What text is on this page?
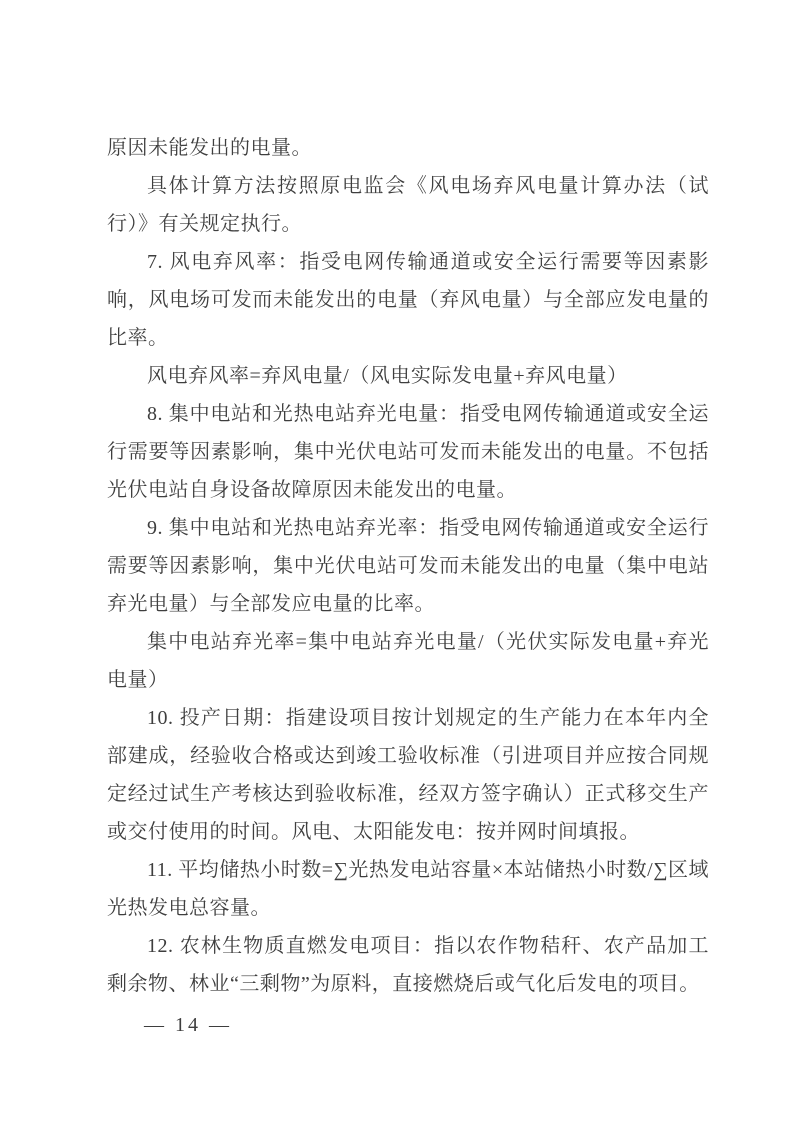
原因未能发出的电量。

具体计算方法按照原电监会《风电场弃风电量计算办法（试行）》有关规定执行。

7. 风电弃风率：指受电网传输通道或安全运行需要等因素影响，风电场可发而未能发出的电量（弃风电量）与全部应发电量的比率。

风电弃风率=弃风电量/（风电实际发电量+弃风电量）

8. 集中电站和光热电站弃光电量：指受电网传输通道或安全运行需要等因素影响，集中光伏电站可发而未能发出的电量。不包括光伏电站自身设备故障原因未能发出的电量。

9. 集中电站和光热电站弃光率：指受电网传输通道或安全运行需要等因素影响，集中光伏电站可发而未能发出的电量（集中电站弃光电量）与全部发应电量的比率。

集中电站弃光率=集中电站弃光电量/（光伏实际发电量+弃光电量）

10. 投产日期：指建设项目按计划规定的生产能力在本年内全部建成，经验收合格或达到竣工验收标准（引进项目并应按合同规定经过试生产考核达到验收标准，经双方签字确认）正式移交生产或交付使用的时间。风电、太阳能发电：按并网时间填报。

11. 平均储热小时数=∑光热发电站容量×本站储热小时数/∑区域光热发电总容量。

12. 农林生物质直燃发电项目：指以农作物秸秆、农产品加工剩余物、林业“三剩物”为原料，直接燃烧后或气化后发电的项目。

— 14 —
